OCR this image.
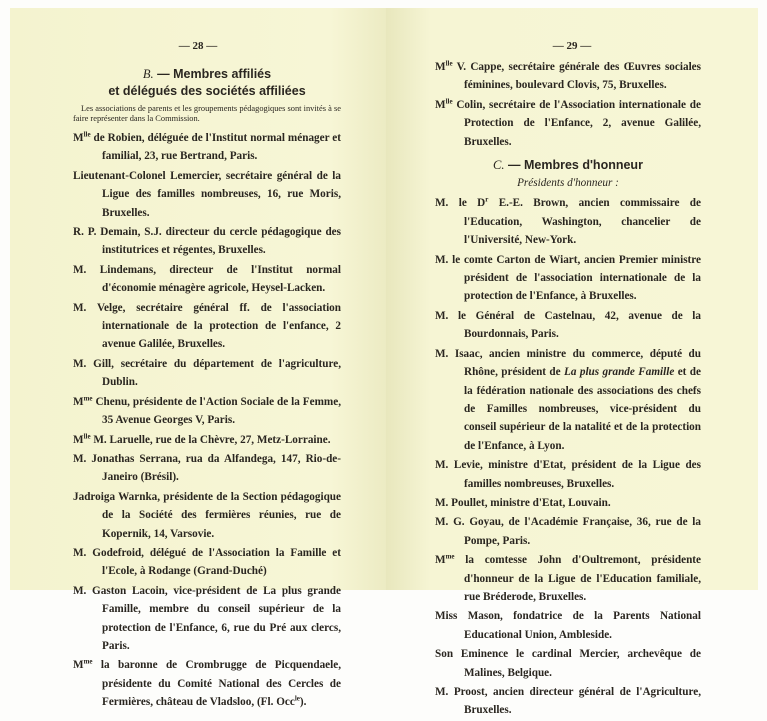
— 28 —
B. — Membres affiliés
et délégués des sociétés affiliées
Les associations de parents et les groupements pédagogiques sont invités à se faire représenter dans la Commission.
$M^{lle}$ de Robien, déléguée de l'Institut normal ménager et familial, 23, rue Bertrand, Paris.
Lieutenant-Colonel Lemercier, secrétaire général de la Ligue des familles nombreuses, 16, rue Moris, Bruxelles.
R. P. Demain, S.J. directeur du cercle pédagogique des institutrices et régentes, Bruxelles.
M. Lindemans, directeur de l'Institut normal d'économie ménagère agricole, Heysel-Lacken.
M. Velge, secrétaire général ff. de l'association internationale de la protection de l'enfance, 2 avenue Galilée, Bruxelles.
M. Gill, secrétaire du département de l'agriculture, Dublin.
$M^{me}$ Chenu, présidente de l'Action Sociale de la Femme, 35 Avenue Georges V, Paris.
$M^{lle}$ M. Laruelle, rue de la Chèvre, 27, Metz-Lorraine.
M. Jonathas Serrana, rua da Alfandega, 147, Rio-de-Janeiro (Brésil).
Jadroiga Warnka, présidente de la Section pédagogique de la Société des fermières réunies, rue de Kopernik, 14, Varsovie.
M. Godefroid, délégué de l'Association la Famille et l'Ecole, à Rodange (Grand-Duché)
M. Gaston Lacoin, vice-président de La plus grande Famille, membre du conseil supérieur de la protection de l'Enfance, 6, rue du Pré aux clercs, Paris.
$M^{me}$ la baronne de Crombrugge de Picquendaele, présidente du Comité National des Cercles de Fermières, château de Vladsloo, (Fl. Occ$^{le}$).
— 29 —
$M^{lle}$ V. Cappe, secrétaire générale des Œuvres sociales féminines, boulevard Clovis, 75, Bruxelles.
$M^{lle}$ Colin, secrétaire de l'Association internationale de Protection de l'Enfance, 2, avenue Galilée, Bruxelles.
C. — Membres d'honneur
Présidents d'honneur :
M. le $D^r$ E.-E. Brown, ancien commissaire de l'Education, Washington, chancelier de l'Université, New-York.
M. le comte Carton de Wiart, ancien Premier ministre président de l'association internationale de la protection de l'Enfance, à Bruxelles.
M. le Général de Castelnau, 42, avenue de la Bourdonnais, Paris.
M. Isaac, ancien ministre du commerce, député du Rhône, président de La plus grande Famille et de la fédération nationale des associations des chefs de Familles nombreuses, vice-président du conseil supérieur de la natalité et de la protection de l'Enfance, à Lyon.
M. Levie, ministre d'Etat, président de la Ligue des familles nombreuses, Bruxelles.
M. Poullet, ministre d'Etat, Louvain.
M. G. Goyau, de l'Académie Française, 36, rue de la Pompe, Paris.
$M^{me}$ la comtesse John d'Oultremont, présidente d'honneur de la Ligue de l'Education familiale, rue Bréderode, Bruxelles.
Miss Mason, fondatrice de la Parents National Educational Union, Ambleside.
Son Eminence le cardinal Mercier, archevêque de Malines, Belgique.
M. Proost, ancien directeur général de l'Agriculture, Bruxelles.
